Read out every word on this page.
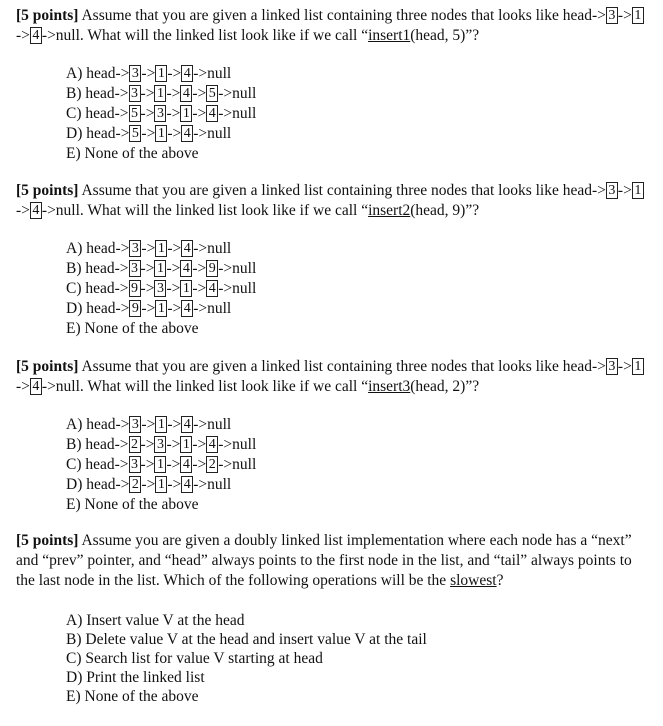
[5 points] Assume that you are given a linked list containing three nodes that looks like head-> 3 -> 1-> 4 ->null. What will the linked list look like if we call “insert1(head, 5)”?

A) head-> 3 -> 1 -> 4 ->null
B) head-> 3 -> 1 -> 4 -> 5 ->null
C) head-> 5 -> 3 -> 1 -> 4 ->null
D) head-> 5 -> 1 -> 4 ->null
E) None of the above

[5 points] Assume that you are given a linked list containing three nodes that looks like head-> 3 -> 1-> 4 ->null. What will the linked list look like if we call “insert2(head, 9)”?

A) head-> 3 -> 1 -> 4 ->null
B) head-> 3 -> 1 -> 4 -> 9 ->null
C) head-> 9 -> 3 -> 1 -> 4 ->null
D) head-> 9 -> 1 -> 4 ->null
E) None of the above

[5 points] Assume that you are given a linked list containing three nodes that looks like head-> 3 -> 1-> 4 ->null. What will the linked list look like if we call “insert3(head, 2)”?

A) head-> 3 -> 1 -> 4 ->null
B) head-> 2 -> 3 -> 1 -> 4 ->null
C) head-> 3 -> 1 -> 4 -> 2 ->null
D) head-> 2 -> 1 -> 4 ->null
E) None of the above

[5 points] Assume you are given a doubly linked list implementation where each node has a “next” and “prev” pointer, and “head” always points to the first node in the list, and “tail” always points to the last node in the list. Which of the following operations will be the slowest?

A) Insert value V at the head
B) Delete value V at the head and insert value V at the tail
C) Search list for value V starting at head
D) Print the linked list
E) None of the above
